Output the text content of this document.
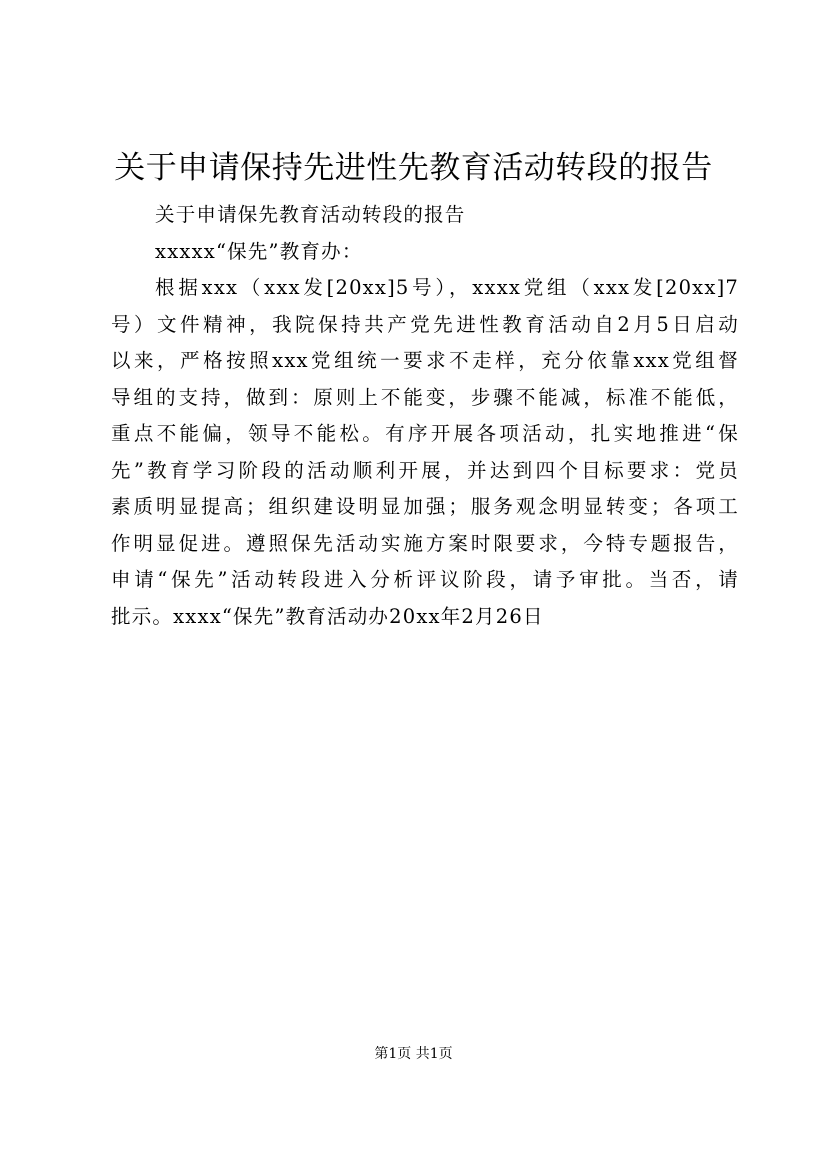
关于申请保持先进性先教育活动转段的报告
关于申请保先教育活动转段的报告
xxxxx“保先”教育办：
根据xxx（xxx发[20xx]5号），xxxx党组（xxx发[20xx]7
号）文件精神，我院保持共产党先进性教育活动自2月5日启动
以来，严格按照xxx党组统一要求不走样，充分依靠xxx党组督
导组的支持，做到：原则上不能变，步骤不能减，标准不能低，
重点不能偏，领导不能松。有序开展各项活动，扎实地推进“保
先”教育学习阶段的活动顺利开展，并达到四个目标要求：党员
素质明显提高；组织建设明显加强；服务观念明显转变；各项工
作明显促进。遵照保先活动实施方案时限要求，今特专题报告，
申请“保先”活动转段进入分析评议阶段，请予审批。当否，请
批示。xxxx“保先”教育活动办20xx年2月26日
第1页 共1页
